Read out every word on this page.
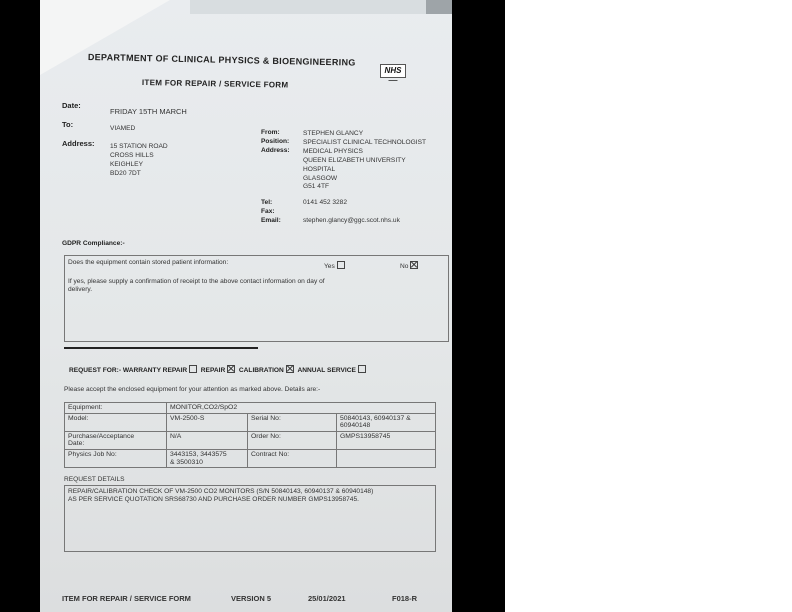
DEPARTMENT OF CLINICAL PHYSICS & BIOENGINEERING
ITEM FOR REPAIR / SERVICE FORM
NHS
▬▬▬
Date:
FRIDAY 15TH MARCH
To:	VIAMED
Address: 15 STATION ROAD
CROSS HILLS
KEIGHLEY
BD20 7DT
From:	STEPHEN GLANCY
Position: SPECIALIST CLINICAL TECHNOLOGIST
Address: MEDICAL PHYSICS
QUEEN ELIZABETH UNIVERSITY
HOSPITAL
GLASGOW
G51 4TF
Tel:	0141 452 3282
Fax:
Email:	stephen.glancy@ggc.scot.nhs.uk
GDPR Compliance:-
Does the equipment contain stored patient information:
Yes	No
If yes, please supply a confirmation of receipt to the above contact information on day of
delivery.
REQUEST FOR:- WARRANTY REPAIR REPAIR CALIBRATION ANNUAL SERVICE
Please accept the enclosed equipment for your attention as marked above. Details are:-
Equipment:	MONITOR,CO2/SpO2		
Model:	VM-2500-S	Serial No:	50840143, 60940137 &
60940148
Purchase/Acceptance
Date:	N/A	Order No:	GMPS13958745
Physics Job No:	3443153, 3443575
& 3500310	Contract No:	
REQUEST DETAILS
REPAIR/CALIBRATION CHECK OF VM-2500 CO2 MONITORS (S/N 50840143, 60940137 & 60940148)
AS PER SERVICE QUOTATION SRS68730 AND PURCHASE ORDER NUMBER GMPS13958745.
ITEM FOR REPAIR / SERVICE FORM	VERSION 5	25/01/2021	F018-R
